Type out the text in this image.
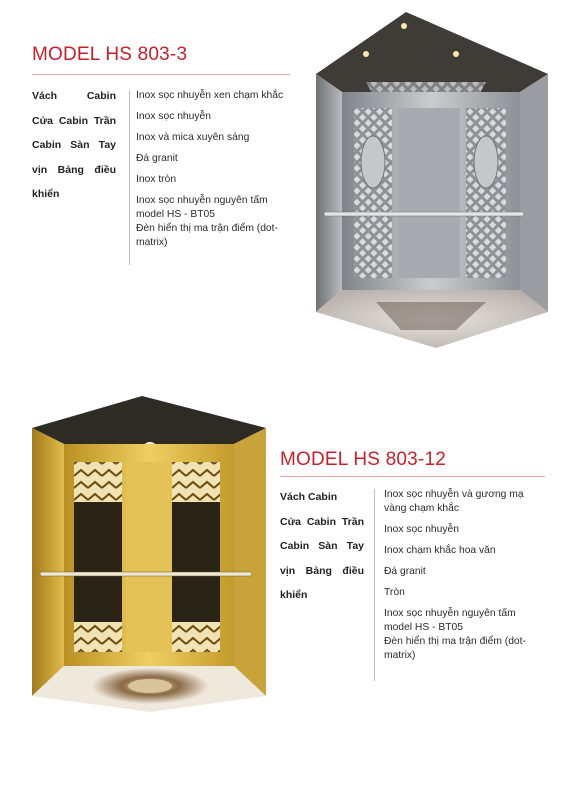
MODEL HS 803-3
Vách Cabin
Cửa Cabin Trần
Cabin Sàn Tay
vịn Bảng điều
khiển
Inox sọc nhuyễn xen chạm khắc
Inox sọc nhuyễn
Inox và mica xuyên sáng
Đá granit
Inox tròn
Inox sọc nhuyễn nguyên tấm model HS - BT05
Đèn hiển thị ma trận điểm (dot-matrix)
MODEL HS 803-12
Vách Cabin
Cửa Cabin Trần
Cabin Sàn Tay
vịn Bảng điều
khiển
Inox sọc nhuyễn và gương mạ vàng chạm khắc
Inox sọc nhuyễn
Inox chạm khắc hoa văn
Đá granit
Tròn
Inox sọc nhuyễn nguyên tấm model HS - BT05
Đèn hiển thị ma trận điểm (dot-matrix)
